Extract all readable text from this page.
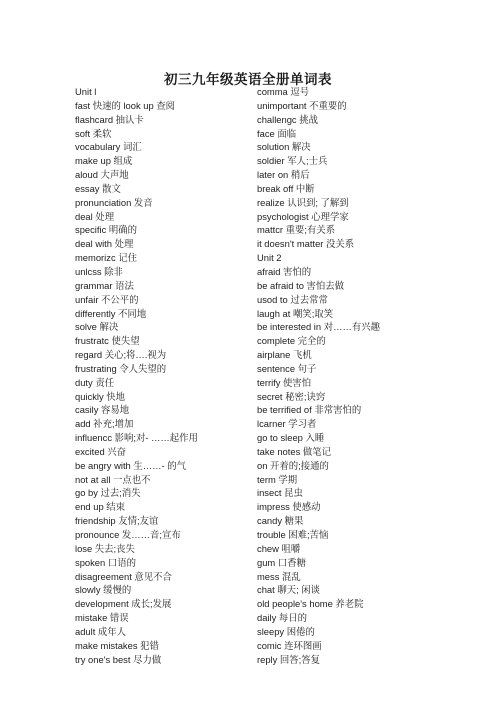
初三九年级英语全册单词表
Unit l
fast 快速的 look up 查阅
flashcard 抽认卡
soft 柔软
vocabulary 词汇
make up 组成
aloud 大声地
essay 散文
pronunciation 发音
deal 处理
specific 明确的
deal with 处理
memorizc 记住
unlcss 除非
grammar 语法
unfair 不公平的
differently 不同地
solve 解决
frustratc 使失望
regard 关心;将….视为
frustrating 令人失望的
duty 责任
quickly 快地
casily 容易地
add 补充;增加
influencc 影响;对- ……起作用
excited 兴奋
be angry with 生……- 的气
not at all 一点也不
go by 过去;消失
end up 结束
friendship 友情;友谊
pronounce 发……音;宣布
lose 失去;丧失
spoken 口语的
disagreement 意见不合
slowly 缓慢的
development 成长;发展
mistake 错误
adult 成年人
make mistakes 犯错
try one's best 尽力做
comma 逗号
unimportant 不重要的
challengc 挑战
face 面临
solution 解决
soldier 军人;士兵
later on 稍后
break off 中断
realize 认识到; 了解到
psychologist 心理学家
mattcr 重要;有关系
it doesn't matter 没关系
Unit 2
afraid 害怕的
be afraid to 害怕去做
usod to 过去常常
laugh at 嘲笑;取笑
be interested in 对……有兴趣
complete 完全的
airplane 飞机
sentence 句子
terrify 使害怕
secret 秘密;诀窍
be terrified of 非常害怕的
lcarner 学习者
go to sleep 入睡
take notes 做笔记
on 开着的;接通的
term 学期
insect 昆虫
impress 使感动
candy 糖果
trouble 困难;苦恼
chew 咀嚼
gum 口香糖
mess 混乱
chat 聊天; 闲谈
old people's home 养老院
daily 每日的
sleepy 困倦的
comic 连环图画
reply 回答;答复
